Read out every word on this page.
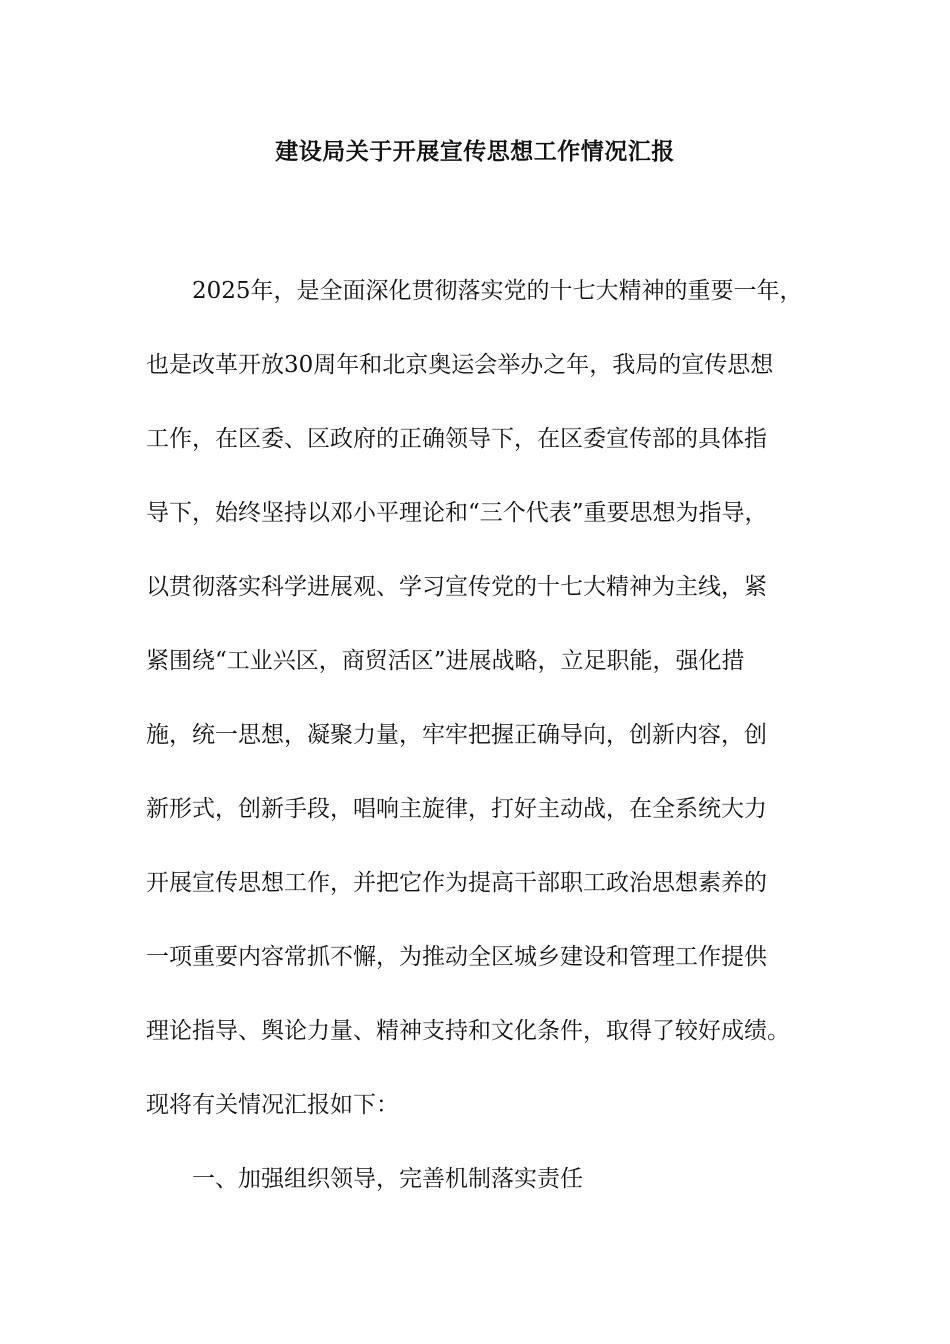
建设局关于开展宣传思想工作情况汇报
2025年，是全面深化贯彻落实党的十七大精神的重要一年，
也是改革开放30周年和北京奥运会举办之年，我局的宣传思想
工作，在区委、区政府的正确领导下，在区委宣传部的具体指
导下，始终坚持以邓小平理论和“三个代表”重要思想为指导，
以贯彻落实科学进展观、学习宣传党的十七大精神为主线，紧
紧围绕“工业兴区，商贸活区”进展战略，立足职能，强化措
施，统一思想，凝聚力量，牢牢把握正确导向，创新内容，创
新形式，创新手段，唱响主旋律，打好主动战，在全系统大力
开展宣传思想工作，并把它作为提高干部职工政治思想素养的
一项重要内容常抓不懈，为推动全区城乡建设和管理工作提供
理论指导、舆论力量、精神支持和文化条件，取得了较好成绩。
现将有关情况汇报如下：
一、加强组织领导，完善机制落实责任
